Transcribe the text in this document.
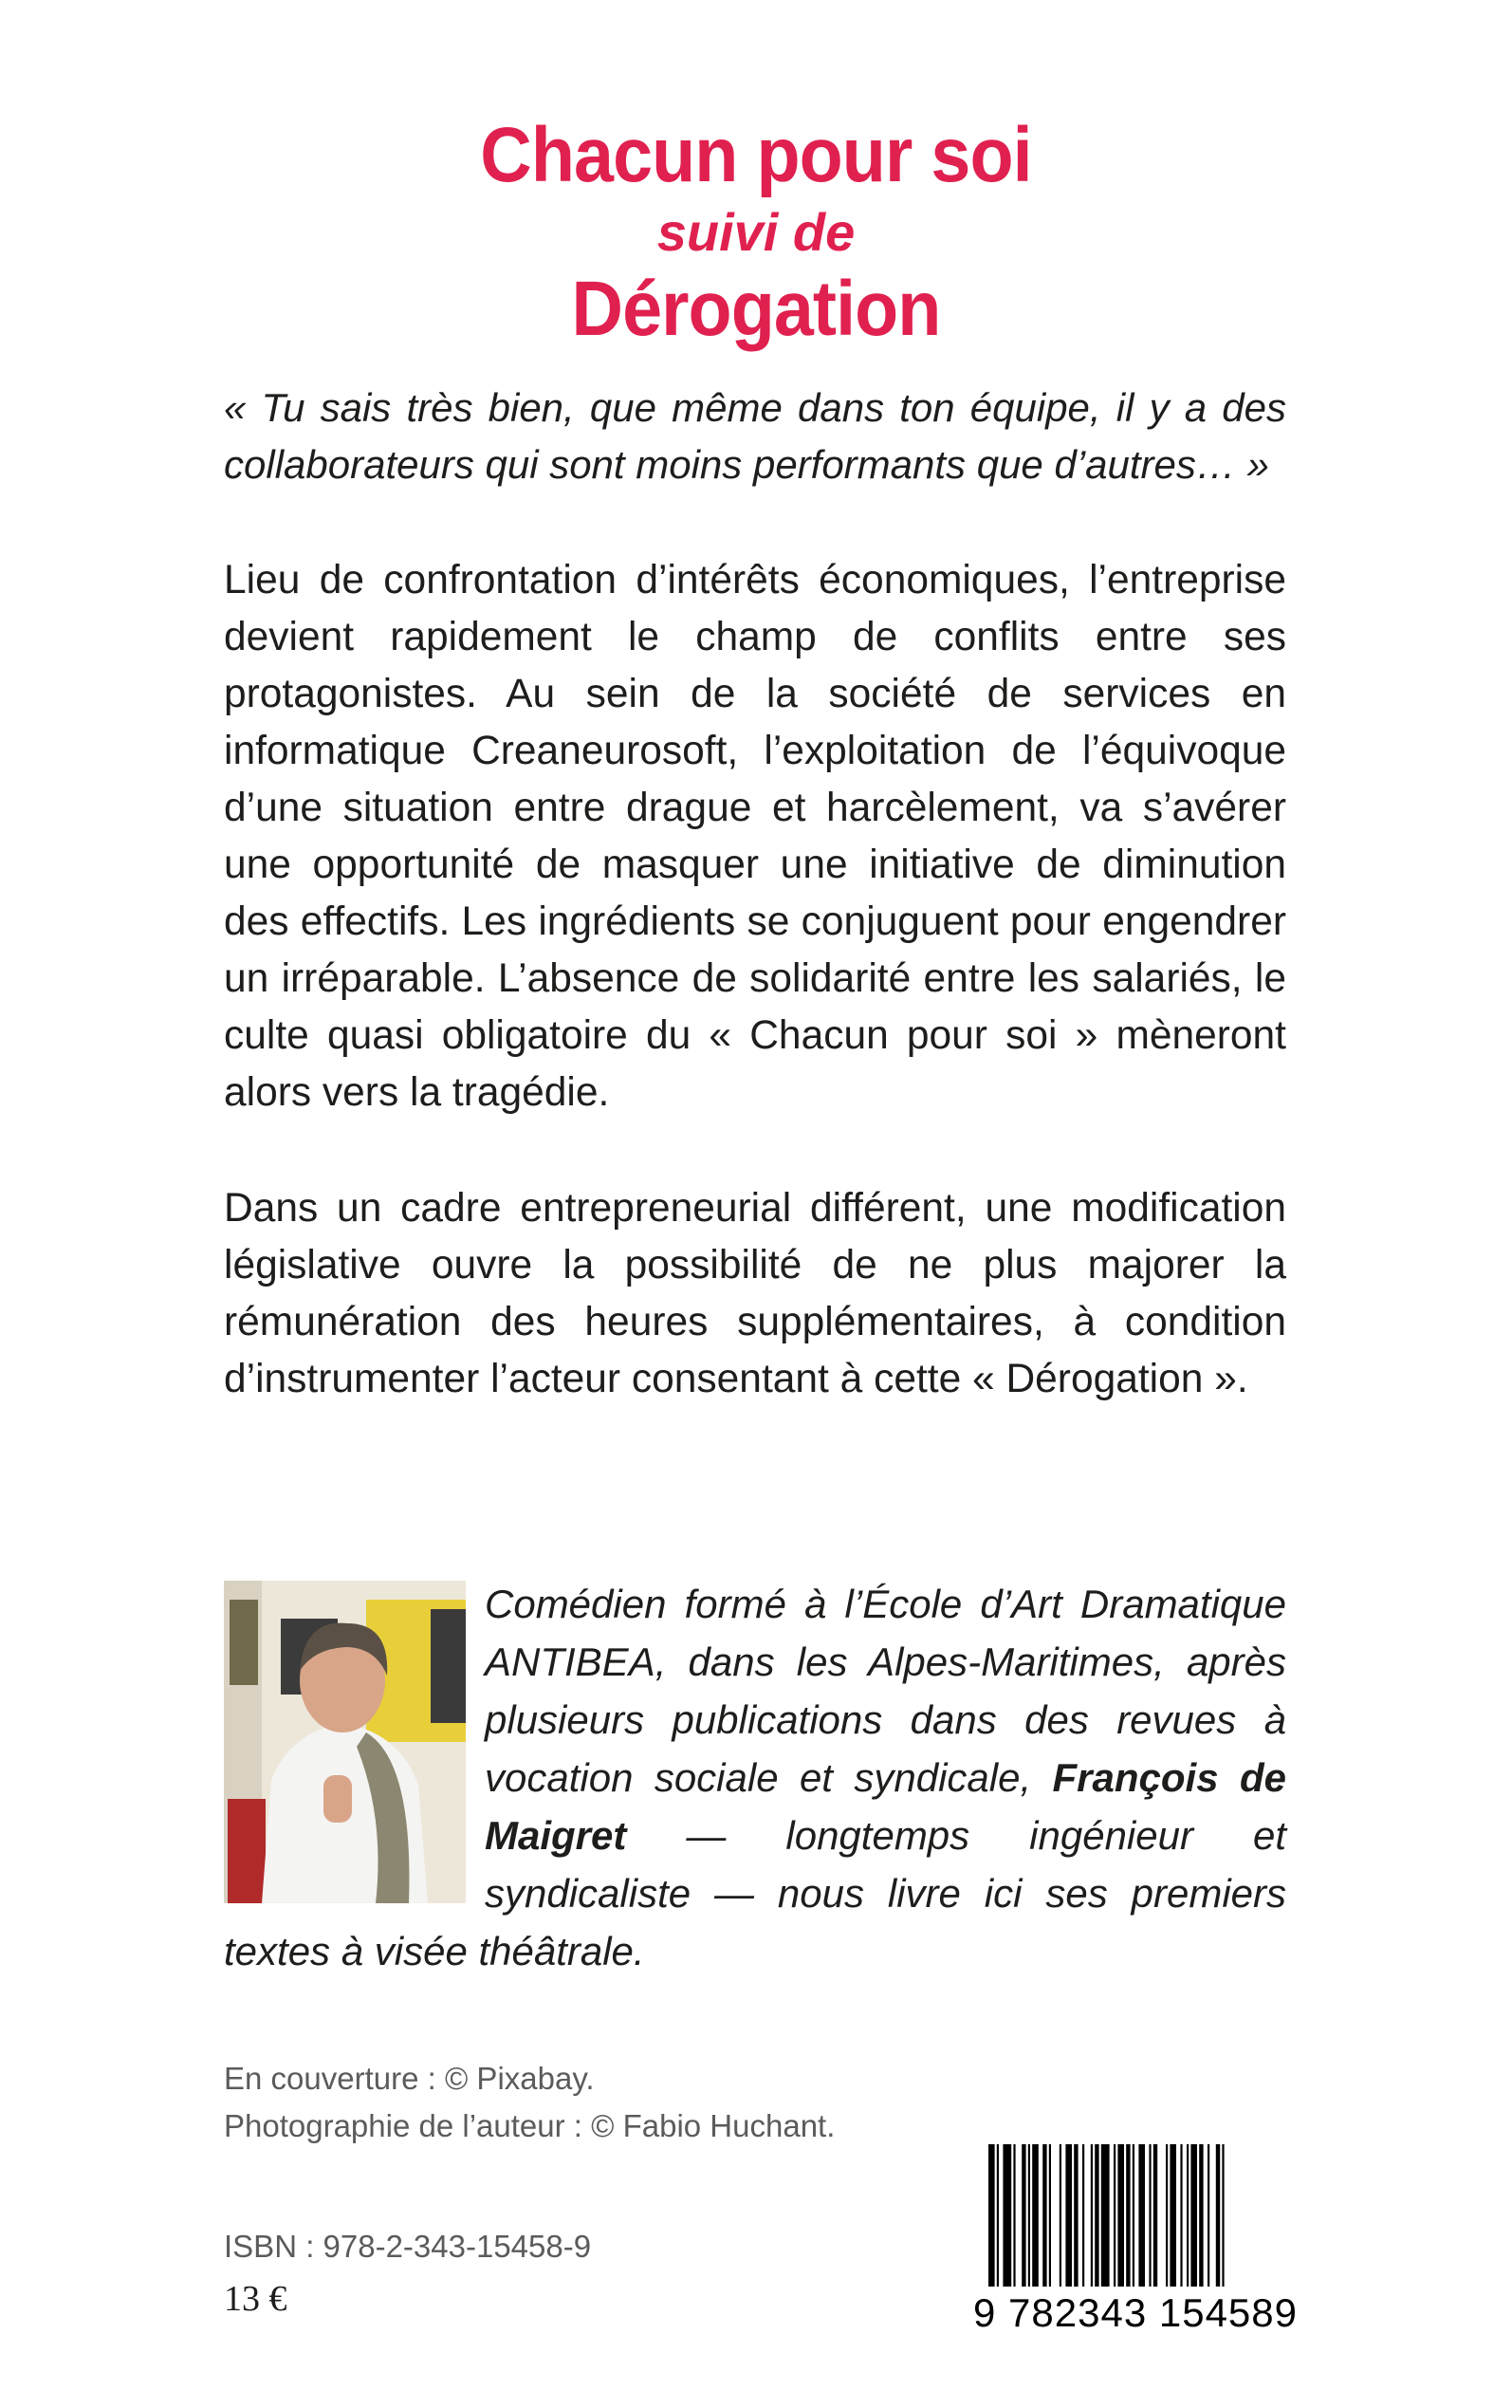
Chacun pour soi
suivi de
Dérogation
« Tu sais très bien, que même dans ton équipe, il y a des collaborateurs qui sont moins performants que d’autres… »
Lieu de confrontation d’intérêts économiques, l’entreprise devient rapidement le champ de conflits entre ses protagonistes. Au sein de la société de services en informatique Creaneurosoft, l’exploitation de l’équivoque d’une situation entre drague et harcèlement, va s’avérer une opportunité de masquer une initiative de diminution des effectifs. Les ingrédients se conjuguent pour engendrer un irréparable. L’absence de solidarité entre les salariés, le culte quasi obligatoire du « Chacun pour soi » mèneront alors vers la tragédie.
Dans un cadre entrepreneurial différent, une modification législative ouvre la possibilité de ne plus majorer la rémunération des heures supplémentaires, à condition d’instrumenter l’acteur consentant à cette « Dérogation ».
Comédien formé à l’École d’Art Dramatique ANTIBEA, dans les Alpes-Maritimes, après plusieurs publications dans des revues à vocation sociale et syndicale, François de Maigret — longtemps ingénieur et syndicaliste — nous livre ici ses premiers textes à visée théâtrale.
En couverture : © Pixabay.
Photographie de l’auteur : © Fabio Huchant.
ISBN : 978-2-343-15458-9
13 €	9 782343 154589
